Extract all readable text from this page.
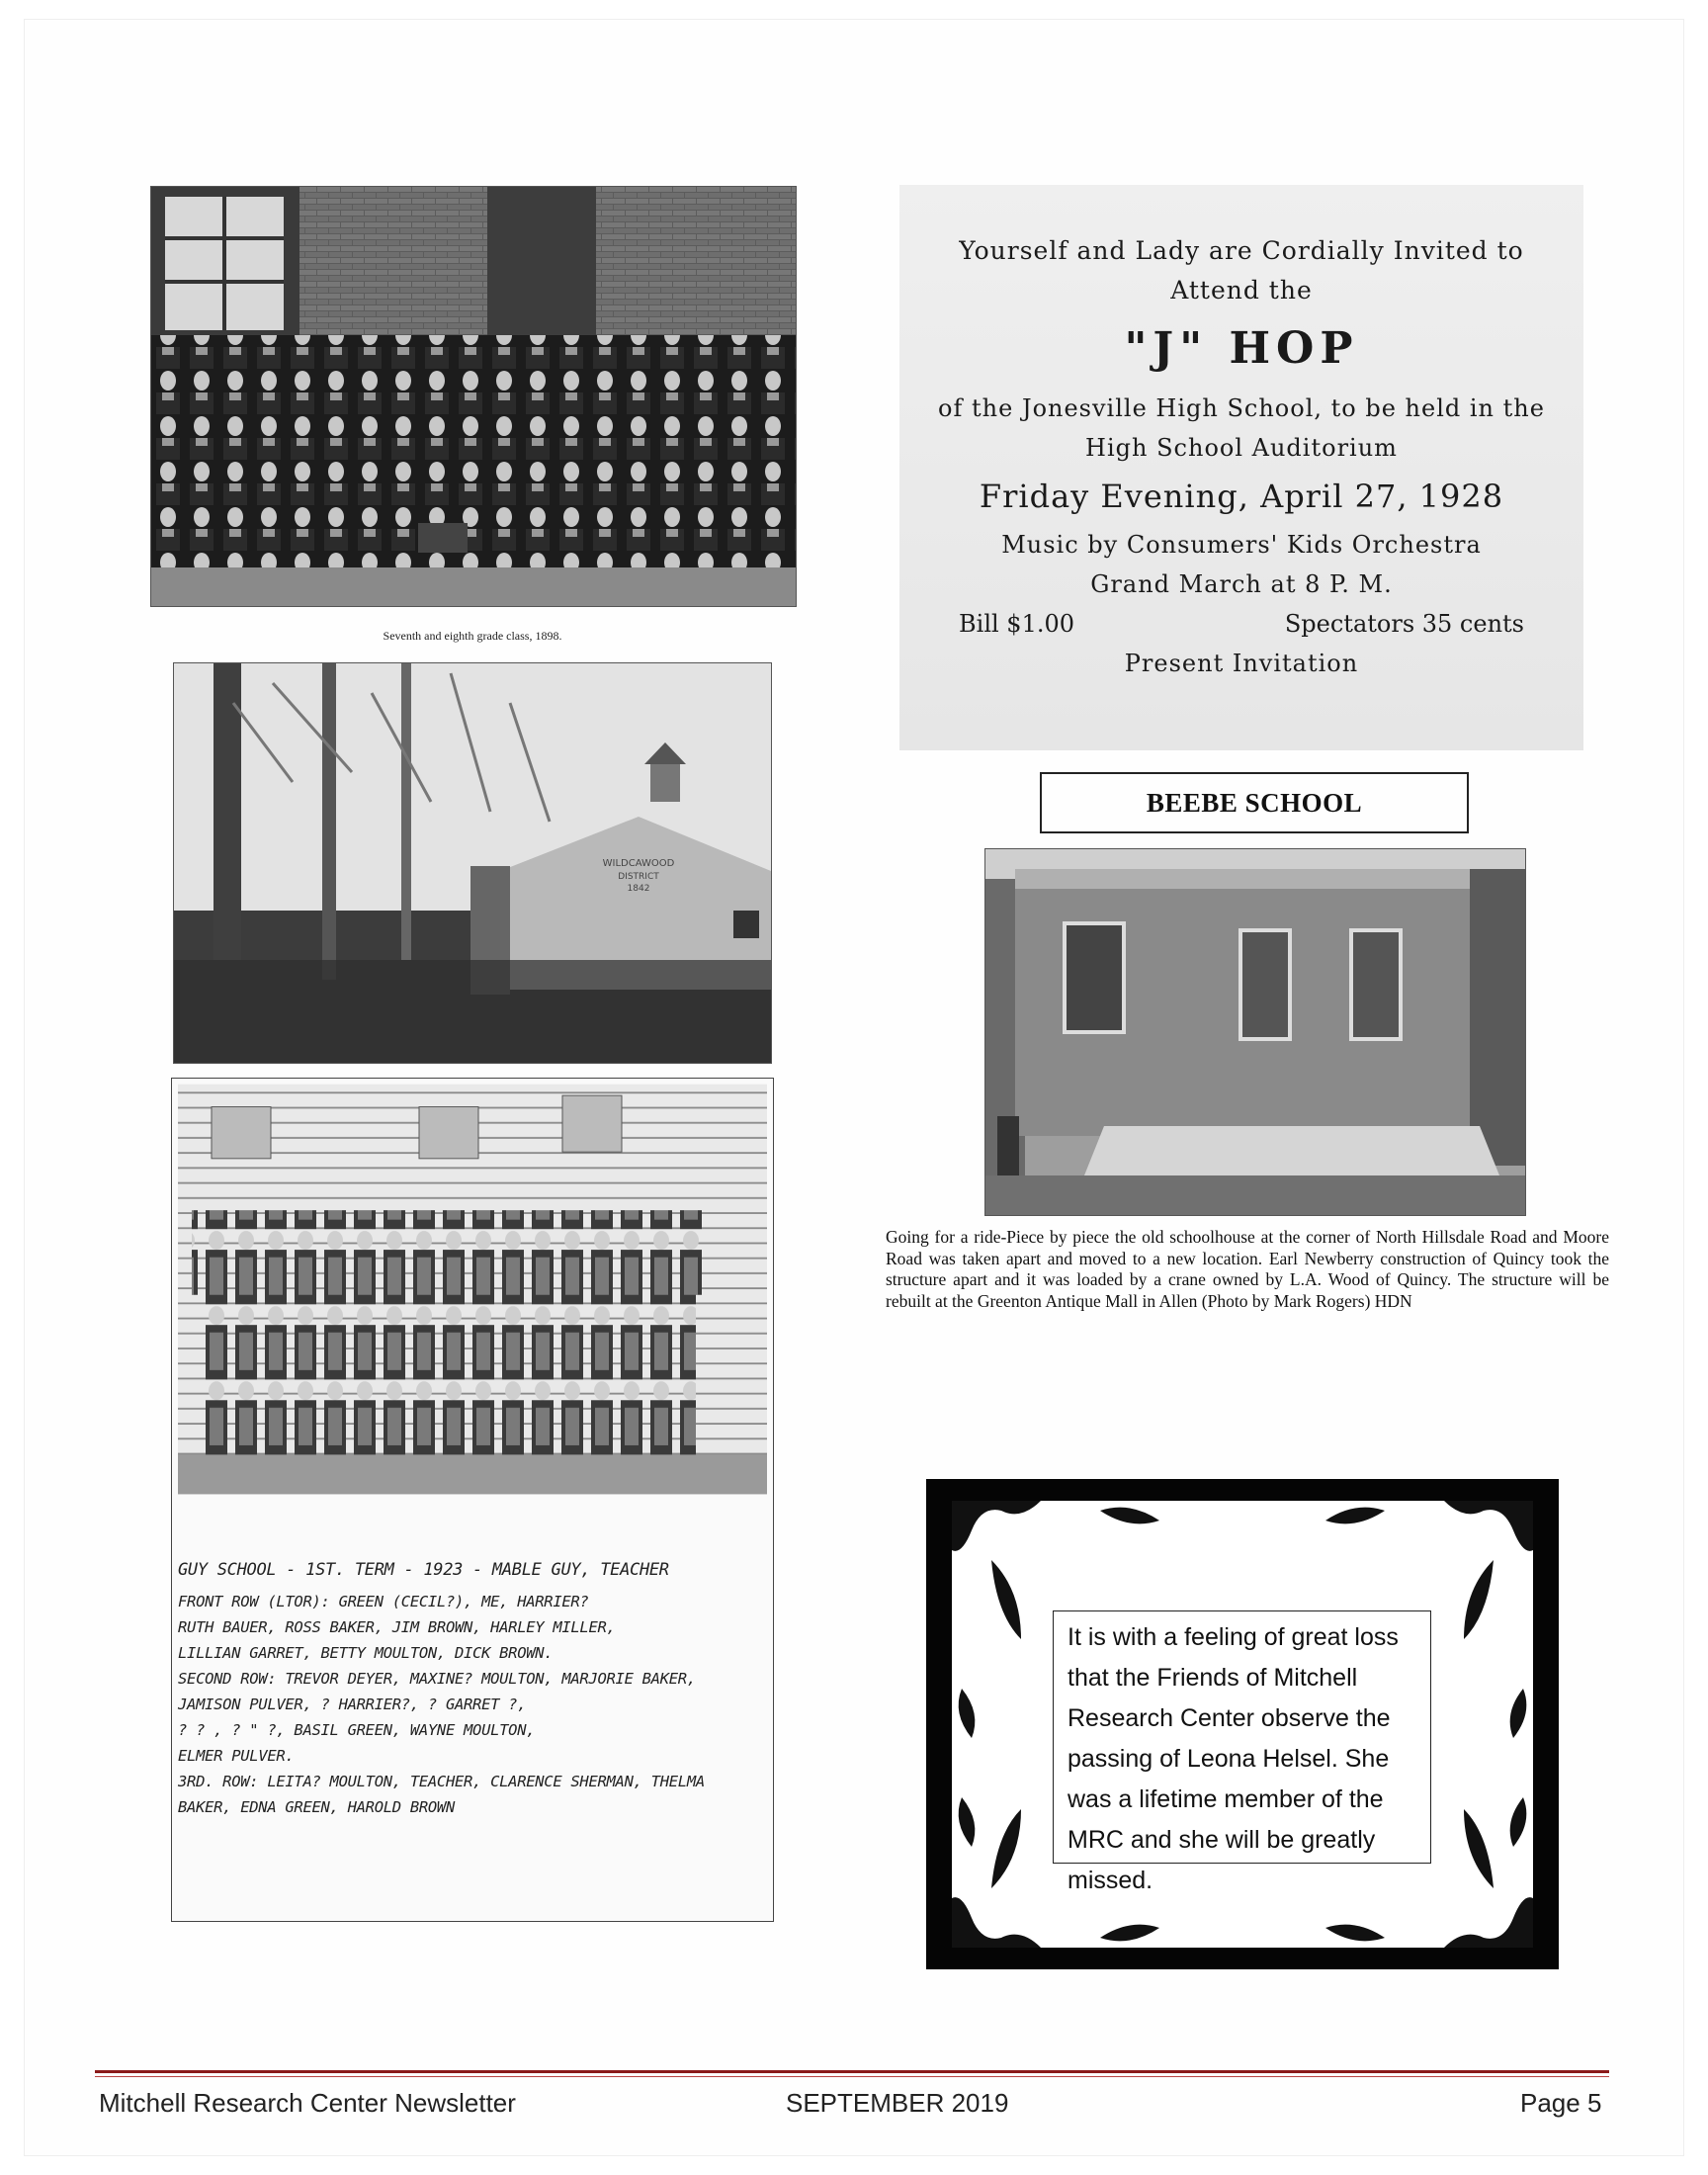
Seventh and eighth grade class, 1898.
WILDCAWOOD
DISTRICT
1842
GUY SCHOOL - 1ST. TERM - 1923 - MABLE GUY, TEACHER
FRONT ROW (LTOR): GREEN (CECIL?), ME, HARRIER?
RUTH BAUER, ROSS BAKER, JIM BROWN, HARLEY MILLER,
LILLIAN GARRET, BETTY MOULTON, DICK BROWN.
SECOND ROW: TREVOR DEYER, MAXINE? MOULTON, MARJORIE BAKER,
JAMISON PULVER, ? HARRIER?, ? GARRET ?,
? ? , ? " ?, BASIL GREEN, WAYNE MOULTON,
ELMER PULVER.
3RD. ROW: LEITA? MOULTON, TEACHER, CLARENCE SHERMAN, THELMA
BAKER, EDNA GREEN, HAROLD BROWN
Yourself and Lady are Cordially Invited to
Attend the
"J" HOP
of the Jonesville High School, to be held in the
High School Auditorium
Friday Evening, April 27, 1928
Music by Consumers' Kids Orchestra
Grand March at 8 P. M.
Bill $1.00	Spectators 35 cents
Present Invitation
BEEBE SCHOOL
Going for a ride-Piece by piece the old schoolhouse at the corner of North Hillsdale Road and Moore Road was taken apart and moved to a new location. Earl Newberry construction of Quincy took the structure apart and it was loaded by a crane owned by L.A. Wood of Quincy. The structure will be rebuilt at the Greenton Antique Mall in Allen (Photo by Mark Rogers) HDN
It is with a feeling of great loss that the Friends of Mitchell Research Center observe the passing of Leona Helsel. She was a lifetime member of the MRC and she will be greatly missed.
Mitchell Research Center Newsletter	SEPTEMBER 2019	Page 5
